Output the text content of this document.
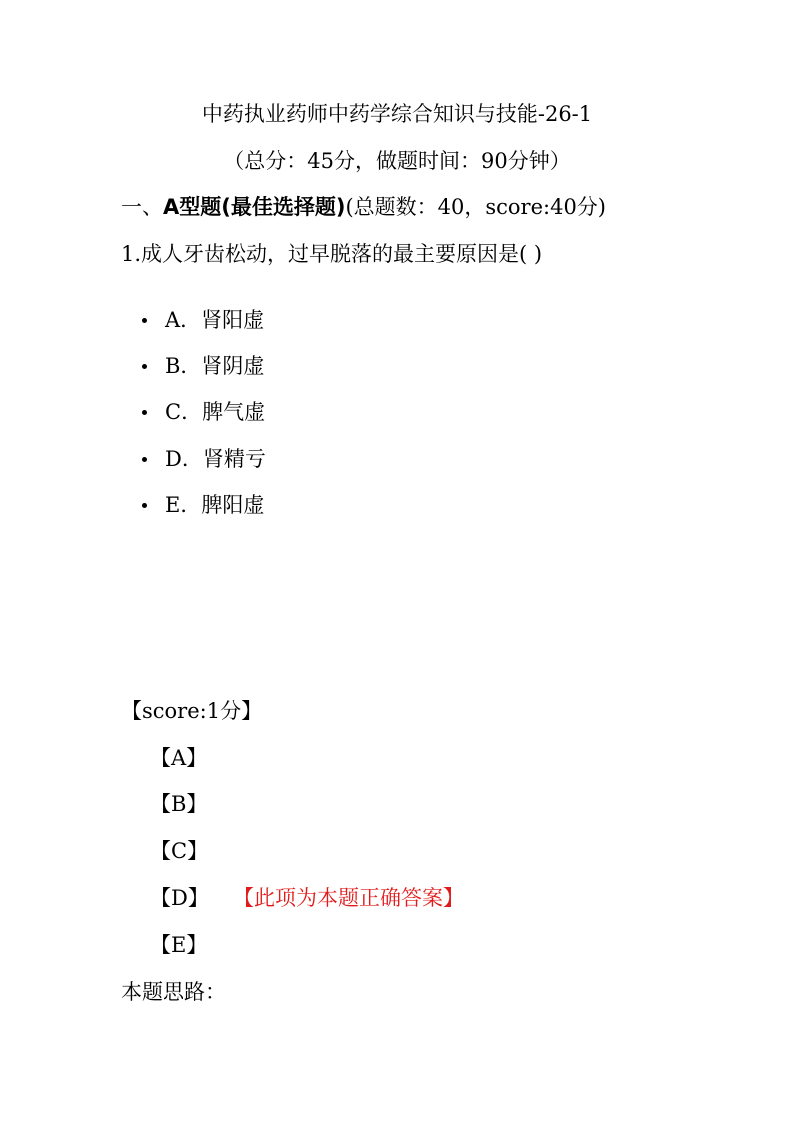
中药执业药师中药学综合知识与技能-26-1
（总分：45分，做题时间：90分钟）
一、A型题(最佳选择题)(总题数：40，score:40分)
1.成人牙齿松动，过早脱落的最主要原因是( )
A．肾阳虚
B．肾阴虚
C．脾气虚
D．肾精亏
E．脾阳虚
【score:1分】
【A】
【B】
【C】
【D】 【此项为本题正确答案】
【E】
本题思路：
